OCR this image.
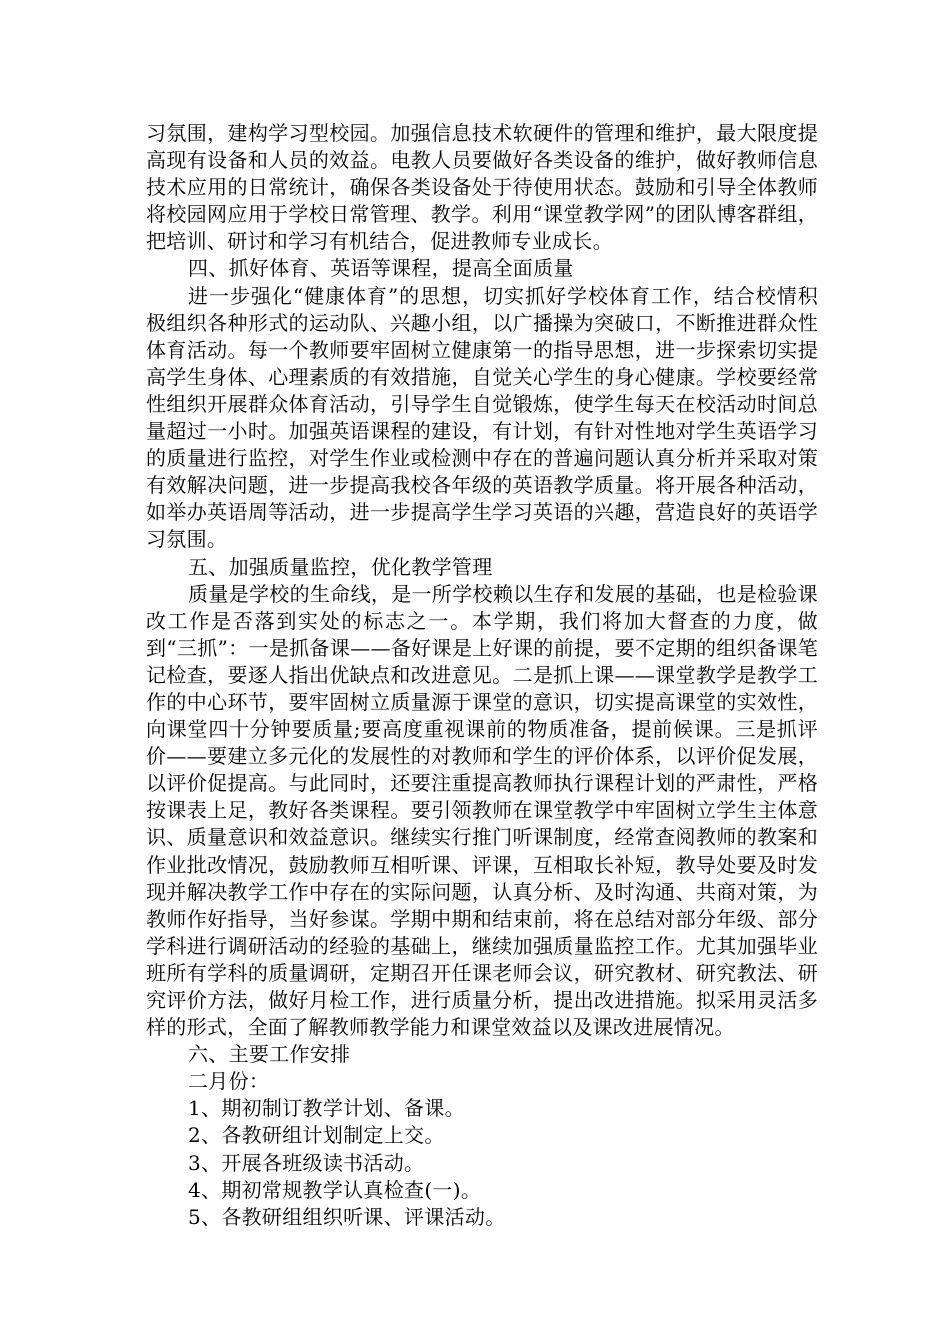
习氛围，建构学习型校园。加强信息技术软硬件的管理和维护，最大限度提高现有设备和人员的效益。电教人员要做好各类设备的维护，做好教师信息技术应用的日常统计，确保各类设备处于待使用状态。鼓励和引导全体教师将校园网应用于学校日常管理、教学。利用“课堂教学网”的团队博客群组，把培训、研讨和学习有机结合，促进教师专业成长。

四、抓好体育、英语等课程，提高全面质量

进一步强化“健康体育”的思想，切实抓好学校体育工作，结合校情积极组织各种形式的运动队、兴趣小组，以广播操为突破口，不断推进群众性体育活动。每一个教师要牢固树立健康第一的指导思想，进一步探索切实提高学生身体、心理素质的有效措施，自觉关心学生的身心健康。学校要经常性组织开展群众体育活动，引导学生自觉锻炼，使学生每天在校活动时间总量超过一小时。加强英语课程的建设，有计划，有针对性地对学生英语学习的质量进行监控，对学生作业或检测中存在的普遍问题认真分析并采取对策有效解决问题，进一步提高我校各年级的英语教学质量。将开展各种活动，如举办英语周等活动，进一步提高学生学习英语的兴趣，营造良好的英语学习氛围。

五、加强质量监控，优化教学管理

质量是学校的生命线，是一所学校赖以生存和发展的基础，也是检验课改工作是否落到实处的标志之一。本学期，我们将加大督查的力度，做到“三抓”：一是抓备课——备好课是上好课的前提，要不定期的组织备课笔记检查，要逐人指出优缺点和改进意见。二是抓上课——课堂教学是教学工作的中心环节，要牢固树立质量源于课堂的意识，切实提高课堂的实效性，向课堂四十分钟要质量;要高度重视课前的物质准备，提前候课。三是抓评价——要建立多元化的发展性的对教师和学生的评价体系，以评价促发展，以评价促提高。与此同时，还要注重提高教师执行课程计划的严肃性，严格按课表上足，教好各类课程。要引领教师在课堂教学中牢固树立学生主体意识、质量意识和效益意识。继续实行推门听课制度，经常查阅教师的教案和作业批改情况，鼓励教师互相听课、评课，互相取长补短，教导处要及时发现并解决教学工作中存在的实际问题，认真分析、及时沟通、共商对策，为教师作好指导，当好参谋。学期中期和结束前，将在总结对部分年级、部分学科进行调研活动的经验的基础上，继续加强质量监控工作。尤其加强毕业班所有学科的质量调研，定期召开任课老师会议，研究教材、研究教法、研究评价方法，做好月检工作，进行质量分析，提出改进措施。拟采用灵活多样的形式，全面了解教师教学能力和课堂效益以及课改进展情况。

六、主要工作安排

二月份：

1、期初制订教学计划、备课。

2、各教研组计划制定上交。

3、开展各班级读书活动。

4、期初常规教学认真检查(一)。

5、各教研组组织听课、评课活动。
